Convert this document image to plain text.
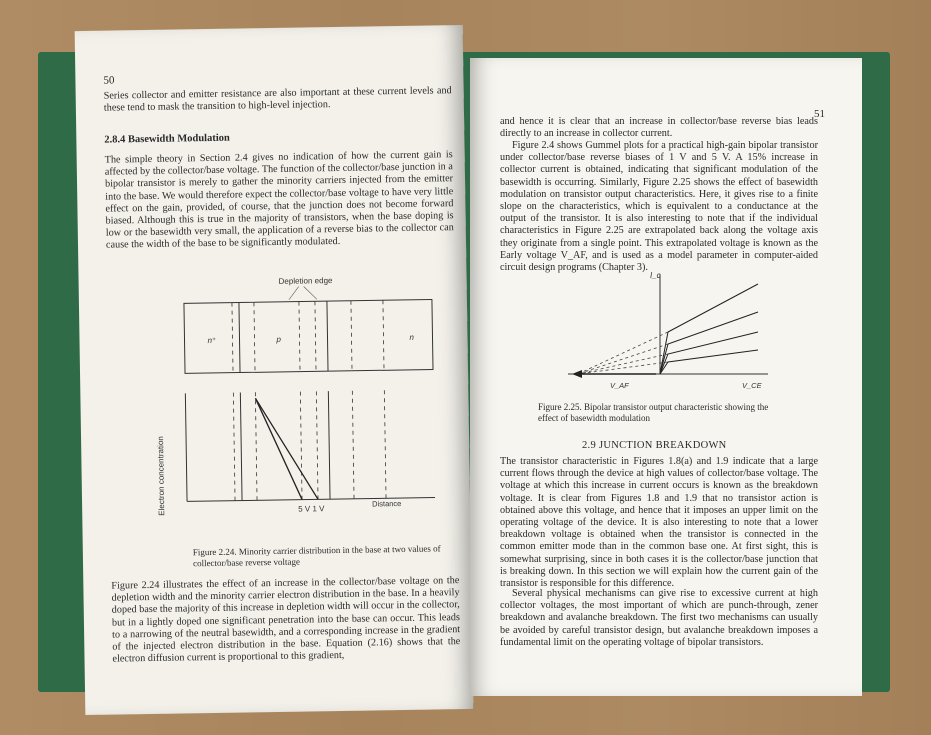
50
Series collector and emitter resistance are also important at these current levels and these tend to mask the transition to high-level injection.
2.8.4 Basewidth Modulation
The simple theory in Section 2.4 gives no indication of how the current gain is affected by the collector/base voltage. The function of the collector/base junction in a bipolar transistor is merely to gather the minority carriers injected from the emitter into the base. We would therefore expect the collector/base voltage to have very little effect on the gain, provided, of course, that the junction does not become forward biased. Although this is true in the majority of transistors, when the base doping is low or the basewidth very small, the application of a reverse bias to the collector can cause the width of the base to be significantly modulated.
Depletion edge
n⁺	p	n
Electron concentration	5 V 1 V
Distance
Figure 2.24. Minority carrier distribution in the base at two values of collector/base reverse voltage
Figure 2.24 illustrates the effect of an increase in the collector/base voltage on the depletion width and the minority carrier electron distribution in the base. In a heavily doped base the majority of this increase in depletion width will occur in the collector, but in a lightly doped one significant penetration into the base can occur. This leads to a narrowing of the neutral basewidth, and a corresponding increase in the gradient of the injected electron distribution in the base. Equation (2.16) shows that the electron diffusion current is proportional to this gradient,
51
and hence it is clear that an increase in collector/base reverse bias leads directly to an increase in collector current.
Figure 2.4 shows Gummel plots for a practical high-gain bipolar transistor under collector/base reverse biases of 1 V and 5 V. A 15% increase in collector current is obtained, indicating that significant modulation of the basewidth is occurring. Similarly, Figure 2.25 shows the effect of basewidth modulation on transistor output characteristics. Here, it gives rise to a finite slope on the characteristics, which is equivalent to a conductance at the output of the transistor. It is also interesting to note that if the individual characteristics in Figure 2.25 are extrapolated back along the voltage axis they originate from a single point. This extrapolated voltage is known as the Early voltage V_AF, and is used as a model parameter in computer-aided circuit design programs (Chapter 3).
I_c
V_AF	V_CE
Figure 2.25. Bipolar transistor output characteristic showing the effect of basewidth modulation
2.9 JUNCTION BREAKDOWN
The transistor characteristic in Figures 1.8(a) and 1.9 indicate that a large current flows through the device at high values of collector/base voltage. The voltage at which this increase in current occurs is known as the breakdown voltage. It is clear from Figures 1.8 and 1.9 that no transistor action is obtained above this voltage, and hence that it imposes an upper limit on the operating voltage of the device. It is also interesting to note that a lower breakdown voltage is obtained when the transistor is connected in the common emitter mode than in the common base one. At first sight, this is somewhat surprising, since in both cases it is the collector/base junction that is breaking down. In this section we will explain how the current gain of the transistor is responsible for this difference.
Several physical mechanisms can give rise to excessive current at high collector voltages, the most important of which are punch-through, zener breakdown and avalanche breakdown. The first two mechanisms can usually be avoided by careful transistor design, but avalanche breakdown imposes a fundamental limit on the operating voltage of bipolar transistors.
